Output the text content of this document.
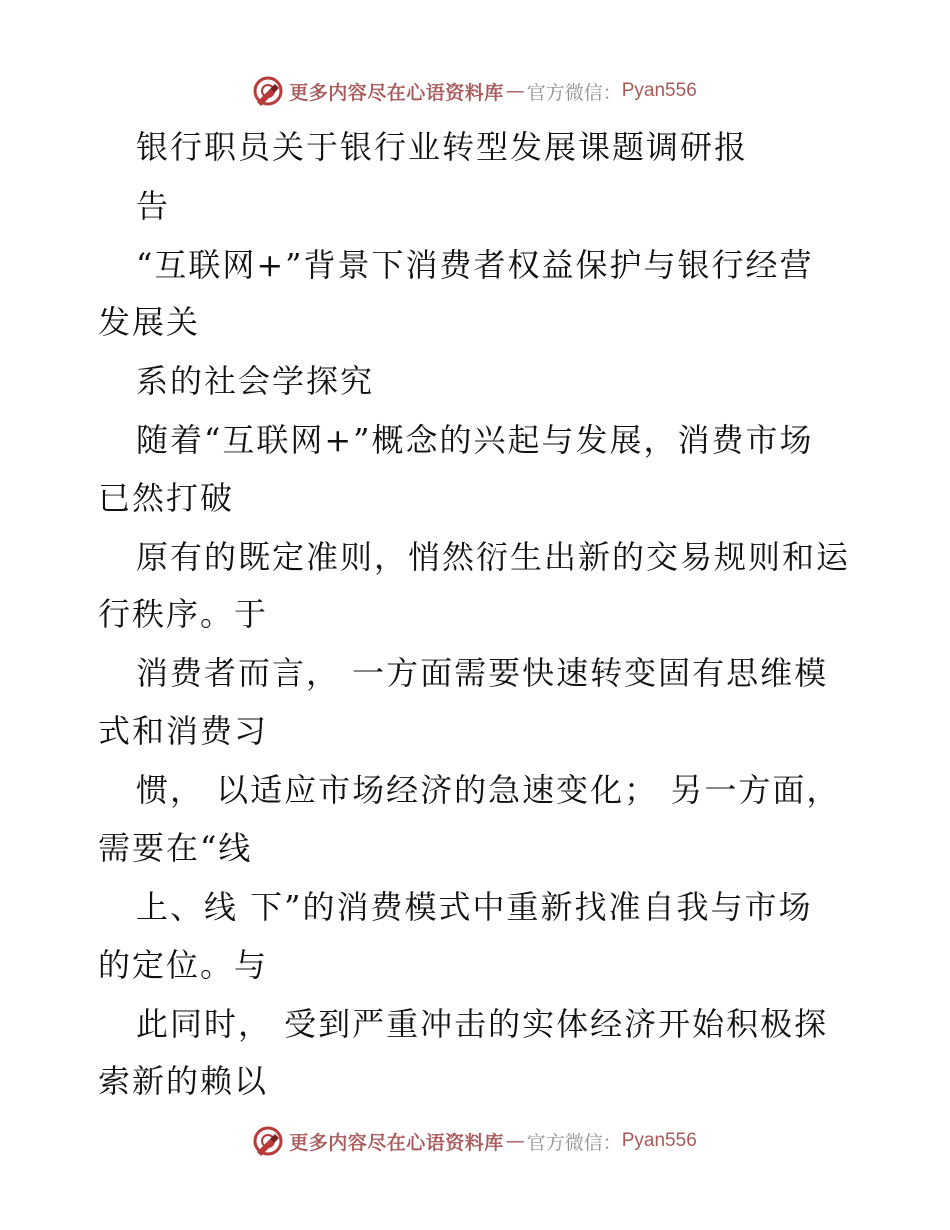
更多内容尽在心语资料库 — 官方微信： Pyan556
银行职员关于银行业转型发展课题调研报
告
“互联网+”背景下消费者权益保护与银行经营
发展关
系的社会学探究
随着“互联网+”概念的兴起与发展，消费市场
已然打破
原有的既定准则，悄然衍生出新的交易规则和运
行秩序。于
消费者而言， 一方面需要快速转变固有思维模
式和消费习
惯， 以适应市场经济的急速变化； 另一方面，
需要在“线
上、线 下”的消费模式中重新找准自我与市场
的定位。与
此同时， 受到严重冲击的实体经济开始积极探
索新的赖以
更多内容尽在心语资料库 — 官方微信： Pyan556
